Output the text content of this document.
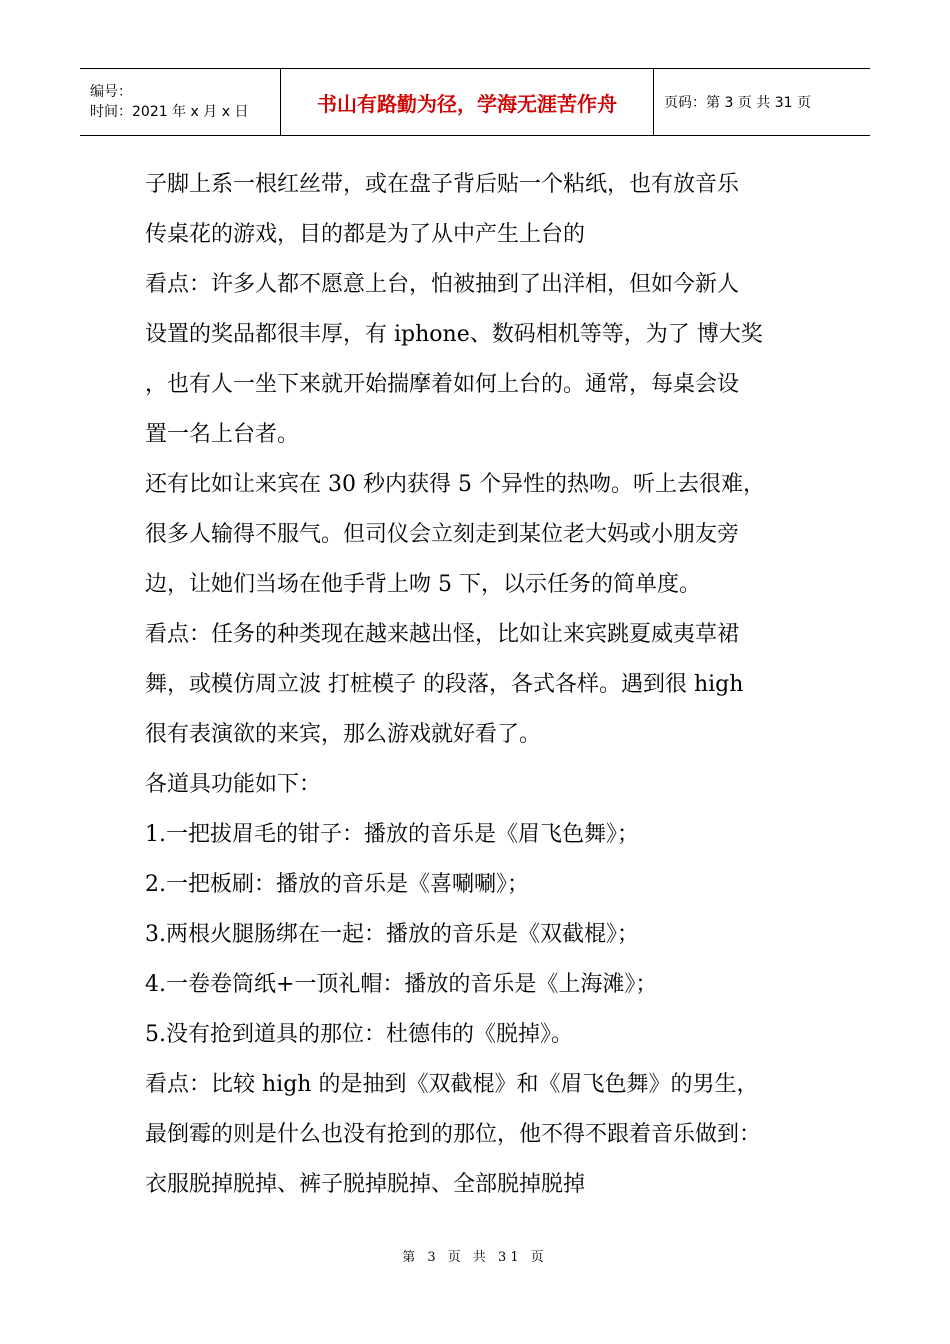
编号：
时间：2021 年 x 月 x 日	书山有路勤为径，学海无涯苦作舟	页码：第 3 页 共 31 页

子脚上系一根红丝带，或在盘子背后贴一个粘纸，也有放音乐

传桌花的游戏，目的都是为了从中产生上台的

看点：许多人都不愿意上台，怕被抽到了出洋相，但如今新人

设置的奖品都很丰厚，有 iphone、数码相机等等，为了 博大奖

，也有人一坐下来就开始揣摩着如何上台的。通常，每桌会设

置一名上台者。

还有比如让来宾在 30 秒内获得 5 个异性的热吻。听上去很难，

很多人输得不服气。但司仪会立刻走到某位老大妈或小朋友旁

边，让她们当场在他手背上吻 5 下，以示任务的简单度。

看点：任务的种类现在越来越出怪，比如让来宾跳夏威夷草裙

舞，或模仿周立波 打桩模子 的段落，各式各样。遇到很 high

很有表演欲的来宾，那么游戏就好看了。

各道具功能如下：

1.一把拔眉毛的钳子：播放的音乐是《眉飞色舞》；

2.一把板刷：播放的音乐是《喜唰唰》；

3.两根火腿肠绑在一起：播放的音乐是《双截棍》；

4.一卷卷筒纸+一顶礼帽：播放的音乐是《上海滩》；

5.没有抢到道具的那位：杜德伟的《脱掉》。

看点：比较 high 的是抽到《双截棍》和《眉飞色舞》的男生，

最倒霉的则是什么也没有抢到的那位，他不得不跟着音乐做到：

衣服脱掉脱掉、裤子脱掉脱掉、全部脱掉脱掉

第 3 页 共 31 页
